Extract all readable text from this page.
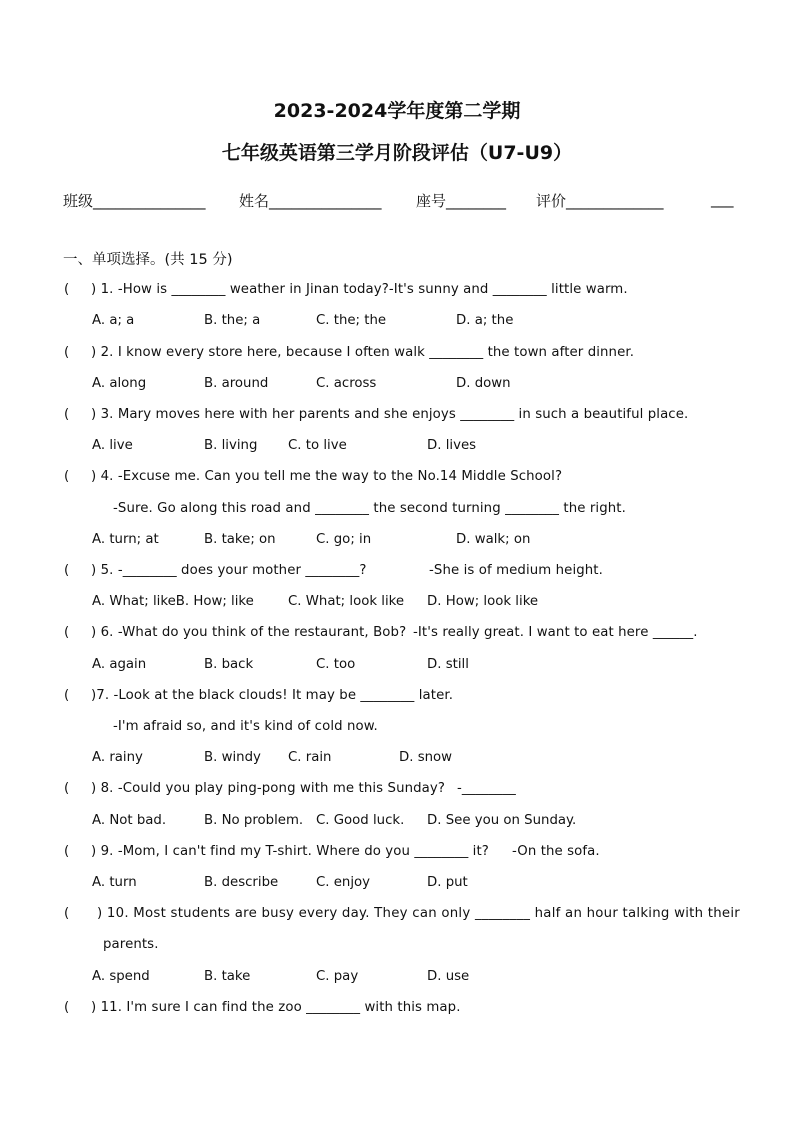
2023-2024学年度第二学期
七年级英语第三学月阶段评估（U7-U9）
班级_______________ 姓名_______________ 座号________ 评价_____________	___
一、单项选择。(共 15 分)
( ) 1. -How is ________ weather in Jinan today?-It's sunny and ________ little warm.
A. a; a	B. the; a	C. the; the	D. a; the
( ) 2. I know every store here, because I often walk ________ the town after dinner.
A. along	B. around	C. across	D. down
( ) 3. Mary moves here with her parents and she enjoys ________ in such a beautiful place.
A. live	B. living C. to live	D. lives
( ) 4. -Excuse me. Can you tell me the way to the No.14 Middle School?
-Sure. Go along this road and ________ the second turning ________ the right.
A. turn; at	B. take; on	C. go; in	D. walk; on
( ) 5. -________ does your mother ________?	-She is of medium height.
A. What; likeB. How; like	C. What; look like D. How; look like
( ) 6. -What do you think of the restaurant, Bob? -It's really great. I want to eat here ______.
A. again	B. back	C. too	D. still
( )7. -Look at the black clouds! It may be ________ later.
-I'm afraid so, and it's kind of cold now.
A. rainy	B. windy C. rain	D. snow
( ) 8. -Could you play ping-pong with me this Sunday? -________
A. Not bad.	B. No problem. C. Good luck. D. See you on Sunday.
( ) 9. -Mom, I can't find my T-shirt. Where do you ________ it? -On the sofa.
A. turn	B. describe	C. enjoy	D. put
( ) 10. Most students are busy every day. They can only ________ half an hour talking with their
parents.
A. spend	B. take	C. pay	D. use
( ) 11. I'm sure I can find the zoo ________ with this map.
